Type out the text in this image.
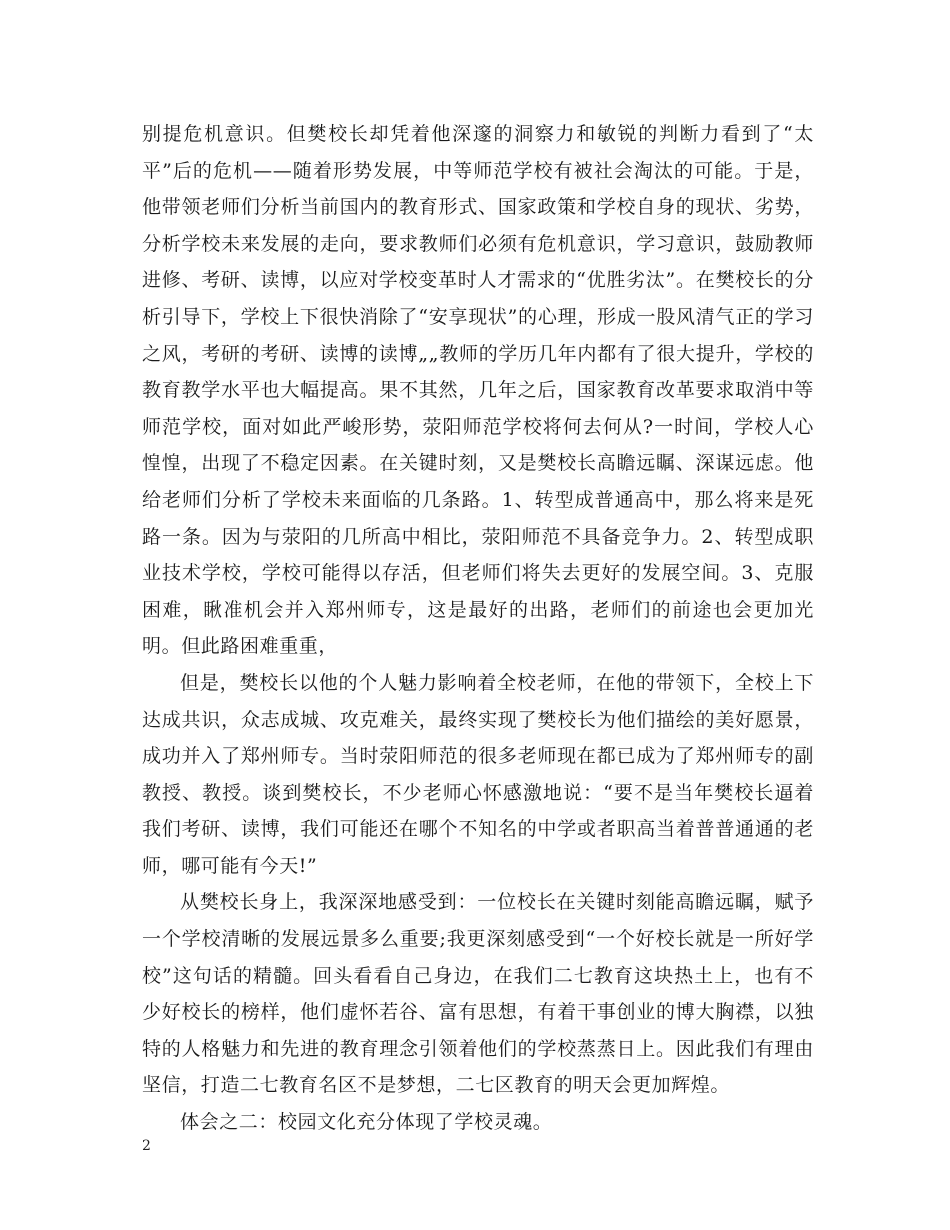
别提危机意识。但樊校长却凭着他深邃的洞察力和敏锐的判断力看到了“太平”后的危机——随着形势发展，中等师范学校有被社会淘汰的可能。于是，他带领老师们分析当前国内的教育形式、国家政策和学校自身的现状、劣势，分析学校未来发展的走向，要求教师们必须有危机意识，学习意识，鼓励教师进修、考研、读博，以应对学校变革时人才需求的“优胜劣汰”。在樊校长的分析引导下，学校上下很快消除了“安享现状”的心理，形成一股风清气正的学习之风，考研的考研、读博的读博„„教师的学历几年内都有了很大提升，学校的教育教学水平也大幅提高。果不其然，几年之后，国家教育改革要求取消中等师范学校，面对如此严峻形势，荥阳师范学校将何去何从?一时间，学校人心惶惶，出现了不稳定因素。在关键时刻，又是樊校长高瞻远瞩、深谋远虑。他给老师们分析了学校未来面临的几条路。1、转型成普通高中，那么将来是死路一条。因为与荥阳的几所高中相比，荥阳师范不具备竞争力。2、转型成职业技术学校，学校可能得以存活，但老师们将失去更好的发展空间。3、克服困难，瞅准机会并入郑州师专，这是最好的出路，老师们的前途也会更加光明。但此路困难重重，

但是，樊校长以他的个人魅力影响着全校老师，在他的带领下，全校上下达成共识，众志成城、攻克难关，最终实现了樊校长为他们描绘的美好愿景，成功并入了郑州师专。当时荥阳师范的很多老师现在都已成为了郑州师专的副教授、教授。谈到樊校长，不少老师心怀感激地说：“要不是当年樊校长逼着我们考研、读博，我们可能还在哪个不知名的中学或者职高当着普普通通的老师，哪可能有今天!”

从樊校长身上，我深深地感受到：一位校长在关键时刻能高瞻远瞩，赋予一个学校清晰的发展远景多么重要;我更深刻感受到“一个好校长就是一所好学校”这句话的精髓。回头看看自己身边，在我们二七教育这块热土上，也有不少好校长的榜样，他们虚怀若谷、富有思想，有着干事创业的博大胸襟，以独特的人格魅力和先进的教育理念引领着他们的学校蒸蒸日上。因此我们有理由坚信，打造二七教育名区不是梦想，二七区教育的明天会更加辉煌。

体会之二：校园文化充分体现了学校灵魂。

2
